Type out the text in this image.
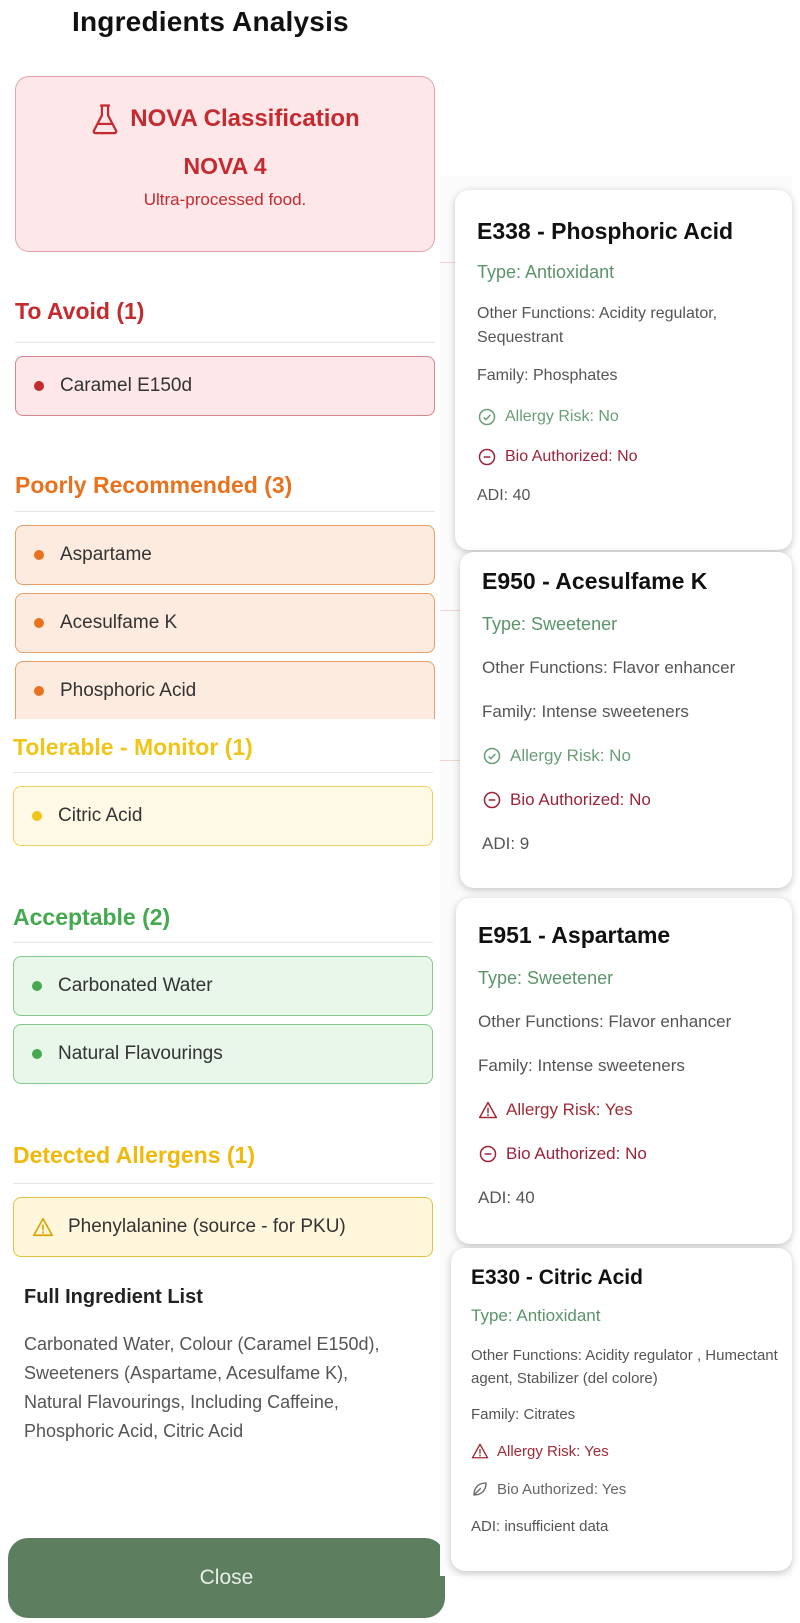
Ingredients Analysis
NOVA Classification
NOVA 4
Ultra-processed food.
To Avoid (1)
Caramel E150d
Poorly Recommended (3)
Aspartame
Acesulfame K
Phosphoric Acid
Tolerable - Monitor (1)
Citric Acid
Acceptable (2)
Carbonated Water
Natural Flavourings
Detected Allergens (1)
Phenylalanine (source - for PKU)
Full Ingredient List
Carbonated Water, Colour (Caramel E150d), Sweeteners (Aspartame, Acesulfame K), Natural Flavourings, Including Caffeine, Phosphoric Acid, Citric Acid
Close
E338 - Phosphoric Acid
Type: Antioxidant
Other Functions: Acidity regulator, Sequestrant
Family: Phosphates
Allergy Risk: No
Bio Authorized: No
ADI: 40
E950 - Acesulfame K
Type: Sweetener
Other Functions: Flavor enhancer
Family: Intense sweeteners
Allergy Risk: No
Bio Authorized: No
ADI: 9
E951 - Aspartame
Type: Sweetener
Other Functions: Flavor enhancer
Family: Intense sweeteners
Allergy Risk: Yes
Bio Authorized: No
ADI: 40
E330 - Citric Acid
Type: Antioxidant
Other Functions: Acidity regulator , Humectant agent, Stabilizer (del colore)
Family: Citrates
Allergy Risk: Yes
Bio Authorized: Yes
ADI: insufficient data
